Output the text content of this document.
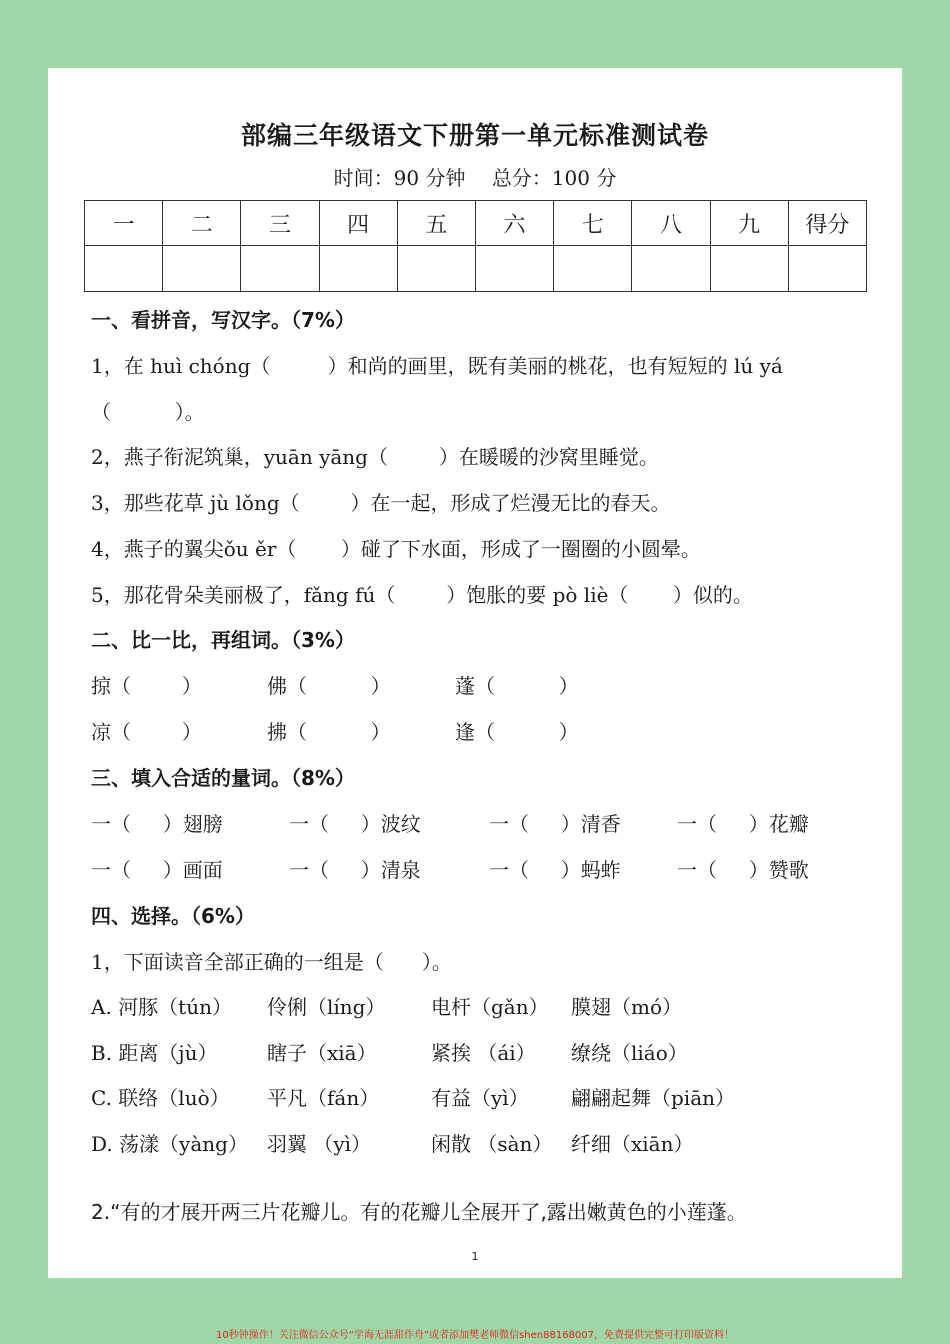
部编三年级语文下册第一单元标准测试卷
时间：90 分钟 总分：100 分
一	二	三	四	五	六	七	八	九	得分

一、看拼音，写汉字。（7%）
1，在 huì chóng（         ）和尚的画里，既有美丽的桃花，也有短短的 lú yá
（          ）。
2，燕子衔泥筑巢，yuān yāng（        ）在暖暖的沙窝里睡觉。
3，那些花草 jù lǒng（        ）在一起，形成了烂漫无比的春天。
4，燕子的翼尖ǒu ěr（       ）碰了下水面，形成了一圈圈的小圆晕。
5，那花骨朵美丽极了，fǎng fú（        ）饱胀的要 pò liè（       ）似的。
二、比一比，再组词。（3%）
掠（        ）	佛（          ）	蓬（          ）
凉（        ）	拂（          ）	逢（          ）
三、填入合适的量词。（8%）
一（     ）翅膀	一（     ）波纹	一（     ）清香	一（     ）花瓣
一（     ）画面	一（     ）清泉	一（     ）蚂蚱	一（     ）赞歌
四、选择。（6%）
1，下面读音全部正确的一组是（      ）。
A. 河豚（tún） 伶俐（líng） 电杆（gǎn） 膜翅（mó）
B. 距离（jù） 瞎子（xiā）	紧挨 （ái） 缭绕（liáo）
C. 联络（luò） 平凡（fán）	有益（yì） 翩翩起舞（piān）
D. 荡漾（yàng） 羽翼 （yì）	闲散 （sàn） 纤细（xiān）
2.“有的才展开两三片花瓣儿。有的花瓣儿全展开了,露出嫩黄色的小莲蓬。
1
10秒钟操作！关注微信公众号“学海无涯甜作舟”或者添加樊老师微信shen88168007，免费提供完整可打印版资料！
